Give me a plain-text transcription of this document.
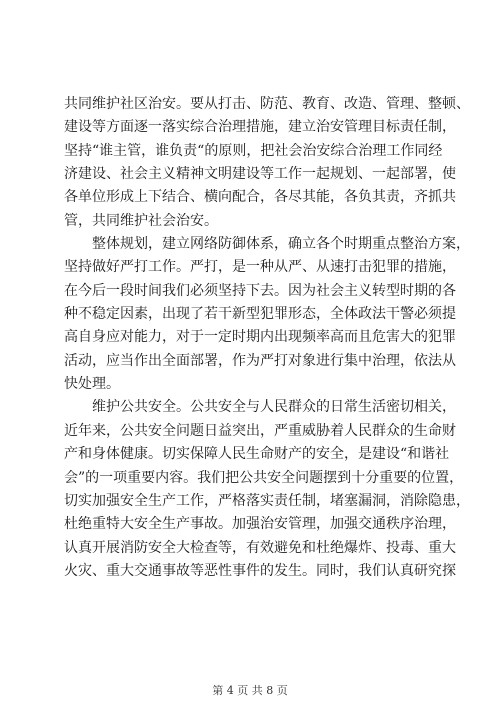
共同维护社区治安。要从打击、防范、教育、改造、管理、整顿、
建设等方面逐一落实综合治理措施，建立治安管理目标责任制，
坚持“谁主管，谁负责“的原则，把社会治安综合治理工作同经
济建设、社会主义精神文明建设等工作一起规划、一起部署，使
各单位形成上下结合、横向配合，各尽其能，各负其责，齐抓共
管，共同维护社会治安。
　　整体规划，建立网络防御体系，确立各个时期重点整治方案，
坚持做好严打工作。严打，是一种从严、从速打击犯罪的措施，
在今后一段时间我们必须坚持下去。因为社会主义转型时期的各
种不稳定因素，出现了若干新型犯罪形态，全体政法干警必须提
高自身应对能力，对于一定时期内出现频率高而且危害大的犯罪
活动，应当作出全面部署，作为严打对象进行集中治理，依法从
快处理。
　　维护公共安全。公共安全与人民群众的日常生活密切相关，
近年来，公共安全问题日益突出，严重威胁着人民群众的生命财
产和身体健康。切实保障人民生命财产的安全，是建设“和谐社
会”的一项重要内容。我们把公共安全问题摆到十分重要的位置，
切实加强安全生产工作，严格落实责任制，堵塞漏洞，消除隐患，
杜绝重特大安全生产事故。加强治安管理，加强交通秩序治理，
认真开展消防安全大检查等，有效避免和杜绝爆炸、投毒、重大
火灾、重大交通事故等恶性事件的发生。同时，我们认真研究探
第 4 页 共 8 页
